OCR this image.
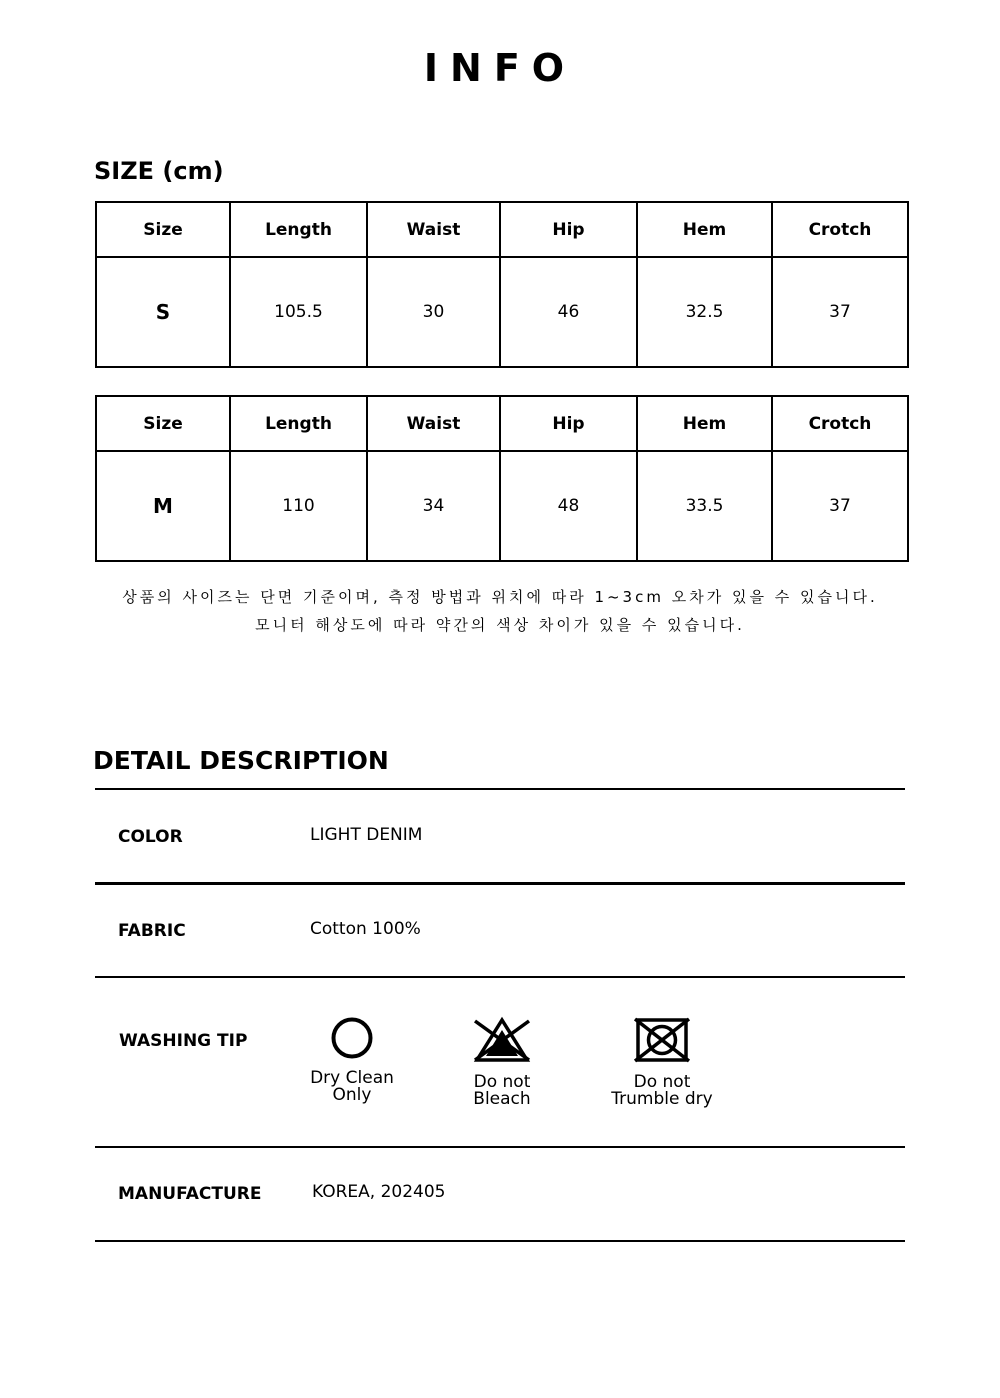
INFO
SIZE (cm)
Size	Length	Waist	Hip	Hem	Crotch
S	105.5	30	46	32.5	37
Size	Length	Waist	Hip	Hem	Crotch
M	110	34	48	33.5	37
상품의 사이즈는 단면 기준이며, 측정 방법과 위치에 따라 1~3cm 오차가 있을 수 있습니다.
모니터 해상도에 따라 약간의 색상 차이가 있을 수 있습니다.
DETAIL DESCRIPTION
COLOR	LIGHT DENIM
FABRIC	Cotton 100%
WASHING TIP
Dry Clean
Only
Do not
Bleach
Do not
Trumble dry
MANUFACTURE	KOREA, 202405
